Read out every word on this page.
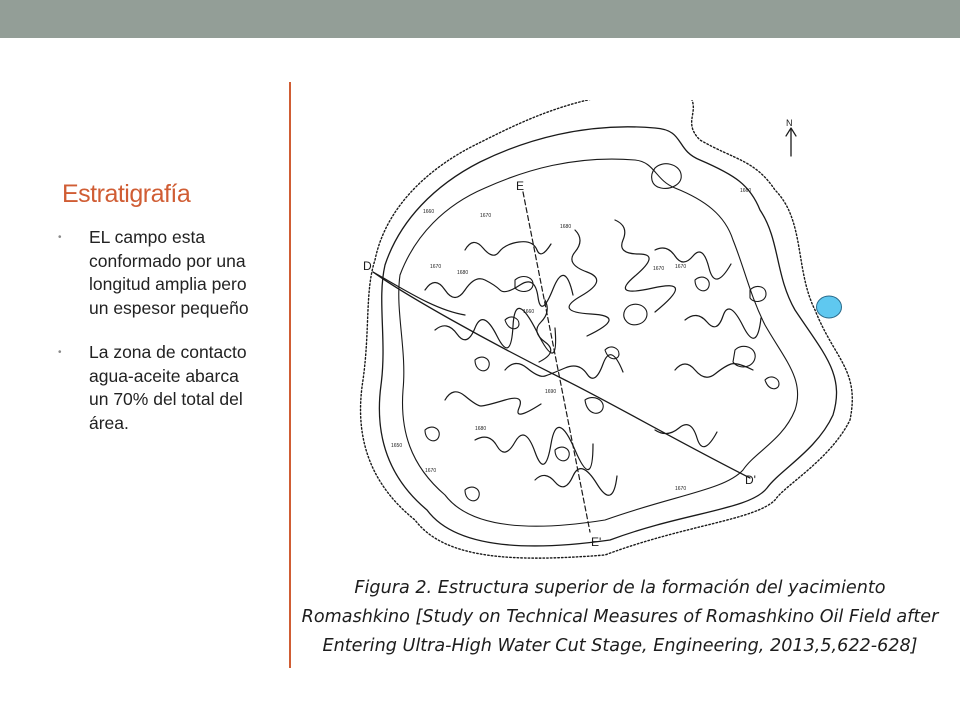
Estratigrafía
• EL campo esta conformado por una longitud amplia pero un espesor pequeño
• La zona de contacto agua-aceite abarca un 70% del total del área.
N
E
E'
D
D'
1660
1670
1680
1660
1670
1670
1680
1670
1690
1660
1650
1670
1680
1670
Figura 2. Estructura superior de la formación del yacimiento Romashkino [Study on Technical Measures of Romashkino Oil Field after Entering Ultra-High Water Cut Stage, Engineering, 2013,5,622-628]
